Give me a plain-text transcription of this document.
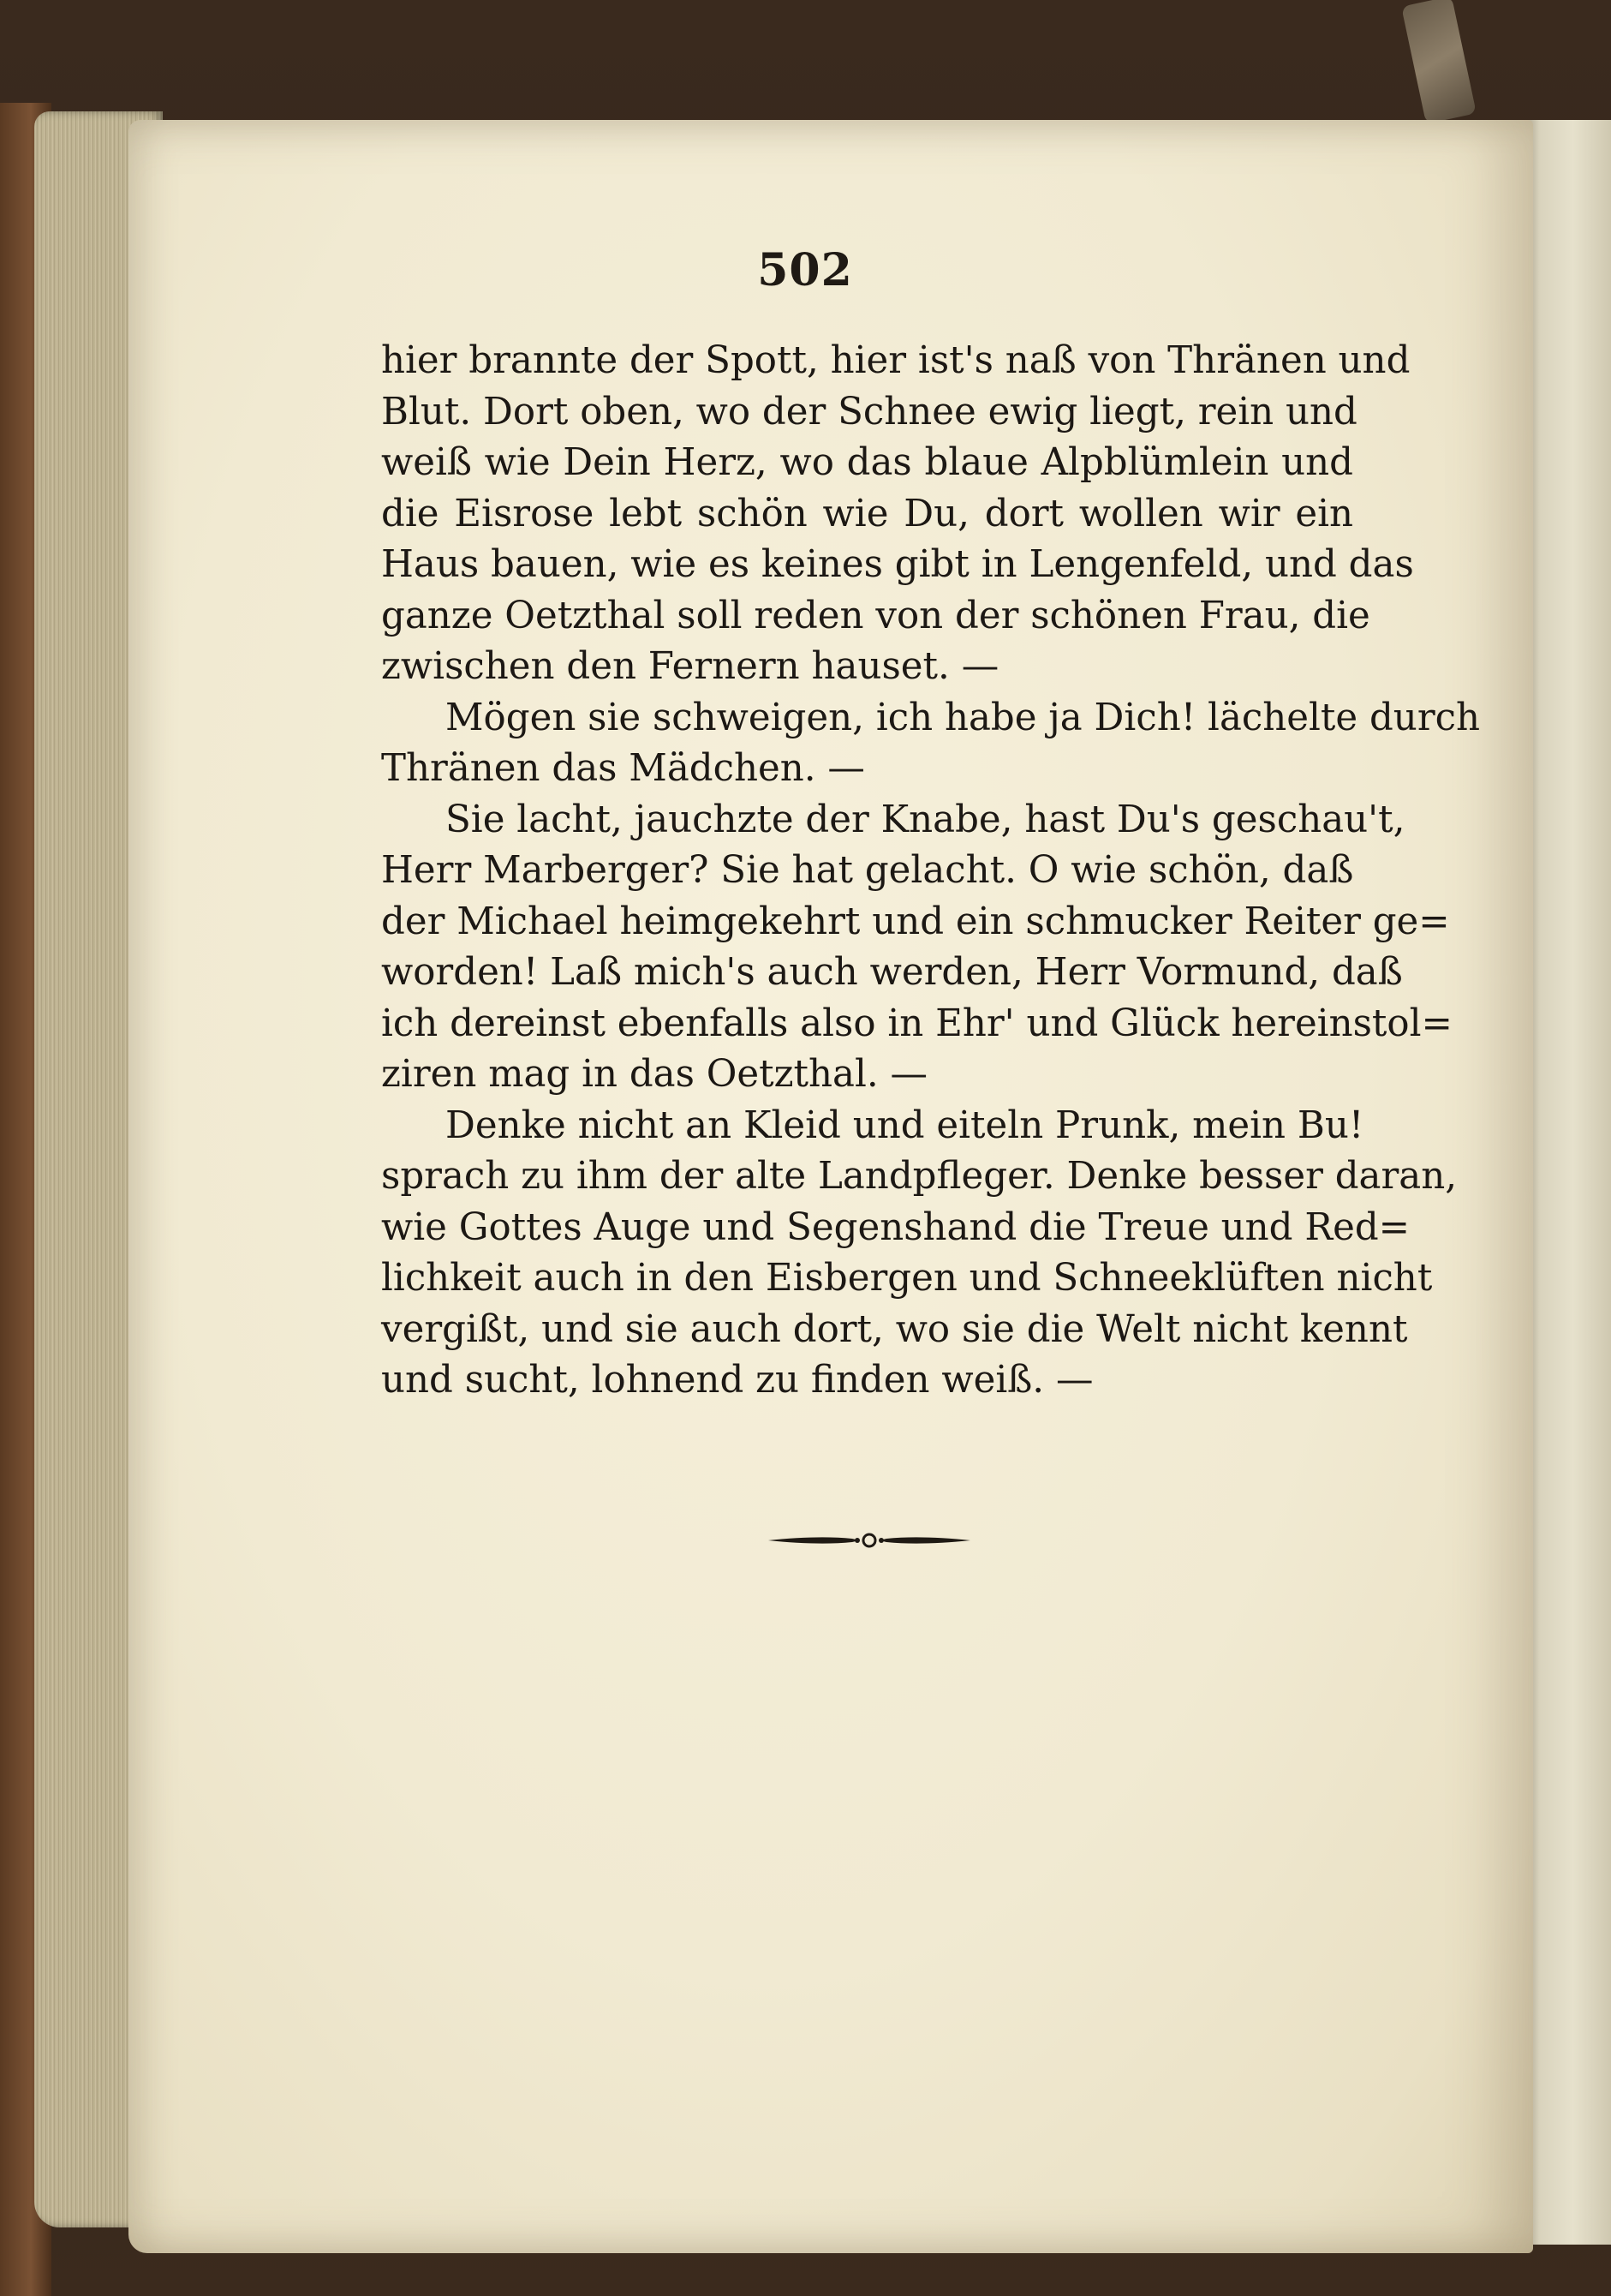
502
hier brannte der Spott, hier ist's naß von Thränen und
Blut. Dort oben, wo der Schnee ewig liegt, rein und
weiß wie Dein Herz, wo das blaue Alpblümlein und
die Eisrose lebt schön wie Du, dort wollen wir ein
Haus bauen, wie es keines gibt in Lengenfeld, und das
ganze Oetzthal soll reden von der schönen Frau, die
zwischen den Fernern hauset. —
Mögen sie schweigen, ich habe ja Dich! lächelte durch
Thränen das Mädchen. —
Sie lacht, jauchzte der Knabe, hast Du's geschau't,
Herr Marberger? Sie hat gelacht. O wie schön, daß
der Michael heimgekehrt und ein schmucker Reiter ge=
worden! Laß mich's auch werden, Herr Vormund, daß
ich dereinst ebenfalls also in Ehr' und Glück hereinstol=
ziren mag in das Oetzthal. —
Denke nicht an Kleid und eiteln Prunk, mein Bu!
sprach zu ihm der alte Landpfleger. Denke besser daran,
wie Gottes Auge und Segenshand die Treue und Red=
lichkeit auch in den Eisbergen und Schneeklüften nicht
vergißt, und sie auch dort, wo sie die Welt nicht kennt
und sucht, lohnend zu finden weiß. —
